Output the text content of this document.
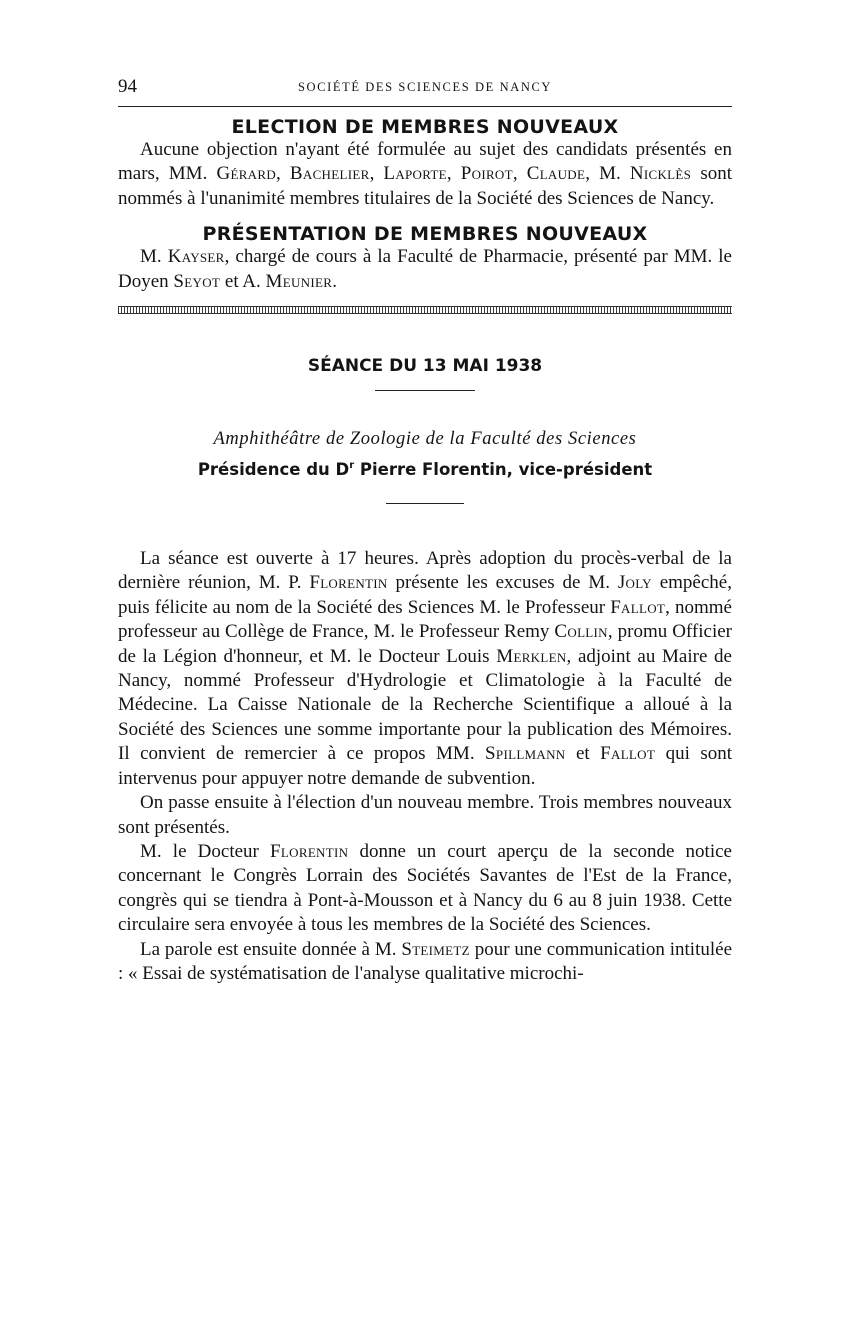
94	SOCIÉTÉ DES SCIENCES DE NANCY
ELECTION DE MEMBRES NOUVEAUX

Aucune objection n'ayant été formulée au sujet des candidats présentés en mars, MM. Gérard, Bachelier, Laporte, Poirot, Claude, M. Nicklès sont nommés à l'unanimité membres titulaires de la Société des Sciences de Nancy.

PRÉSENTATION DE MEMBRES NOUVEAUX

M. Kayser, chargé de cours à la Faculté de Pharmacie, présenté par MM. le Doyen Seyot et A. Meunier.

SÉANCE DU 13 MAI 1938
Amphithéâtre de Zoologie de la Faculté des Sciences
Présidence du $D^r$ Pierre Florentin, vice-président

La séance est ouverte à 17 heures. Après adoption du procès-verbal de la dernière réunion, M. P. Florentin présente les excuses de M. Joly empêché, puis félicite au nom de la Société des Sciences M. le Professeur Fallot, nommé professeur au Collège de France, M. le Professeur Remy Collin, promu Officier de la Légion d'honneur, et M. le Docteur Louis Merklen, adjoint au Maire de Nancy, nommé Professeur d'Hydrologie et Climatologie à la Faculté de Médecine. La Caisse Nationale de la Recherche Scientifique a alloué à la Société des Sciences une somme importante pour la publication des Mémoires. Il convient de remercier à ce propos MM. Spillmann et Fallot qui sont intervenus pour appuyer notre demande de subvention.

On passe ensuite à l'élection d'un nouveau membre. Trois membres nouveaux sont présentés.

M. le Docteur Florentin donne un court aperçu de la seconde notice concernant le Congrès Lorrain des Sociétés Savantes de l'Est de la France, congrès qui se tiendra à Pont-à-Mousson et à Nancy du 6 au 8 juin 1938. Cette circulaire sera envoyée à tous les membres de la Société des Sciences.

La parole est ensuite donnée à M. Steimetz pour une communication intitulée : « Essai de systématisation de l'analyse qualitative microchi-
